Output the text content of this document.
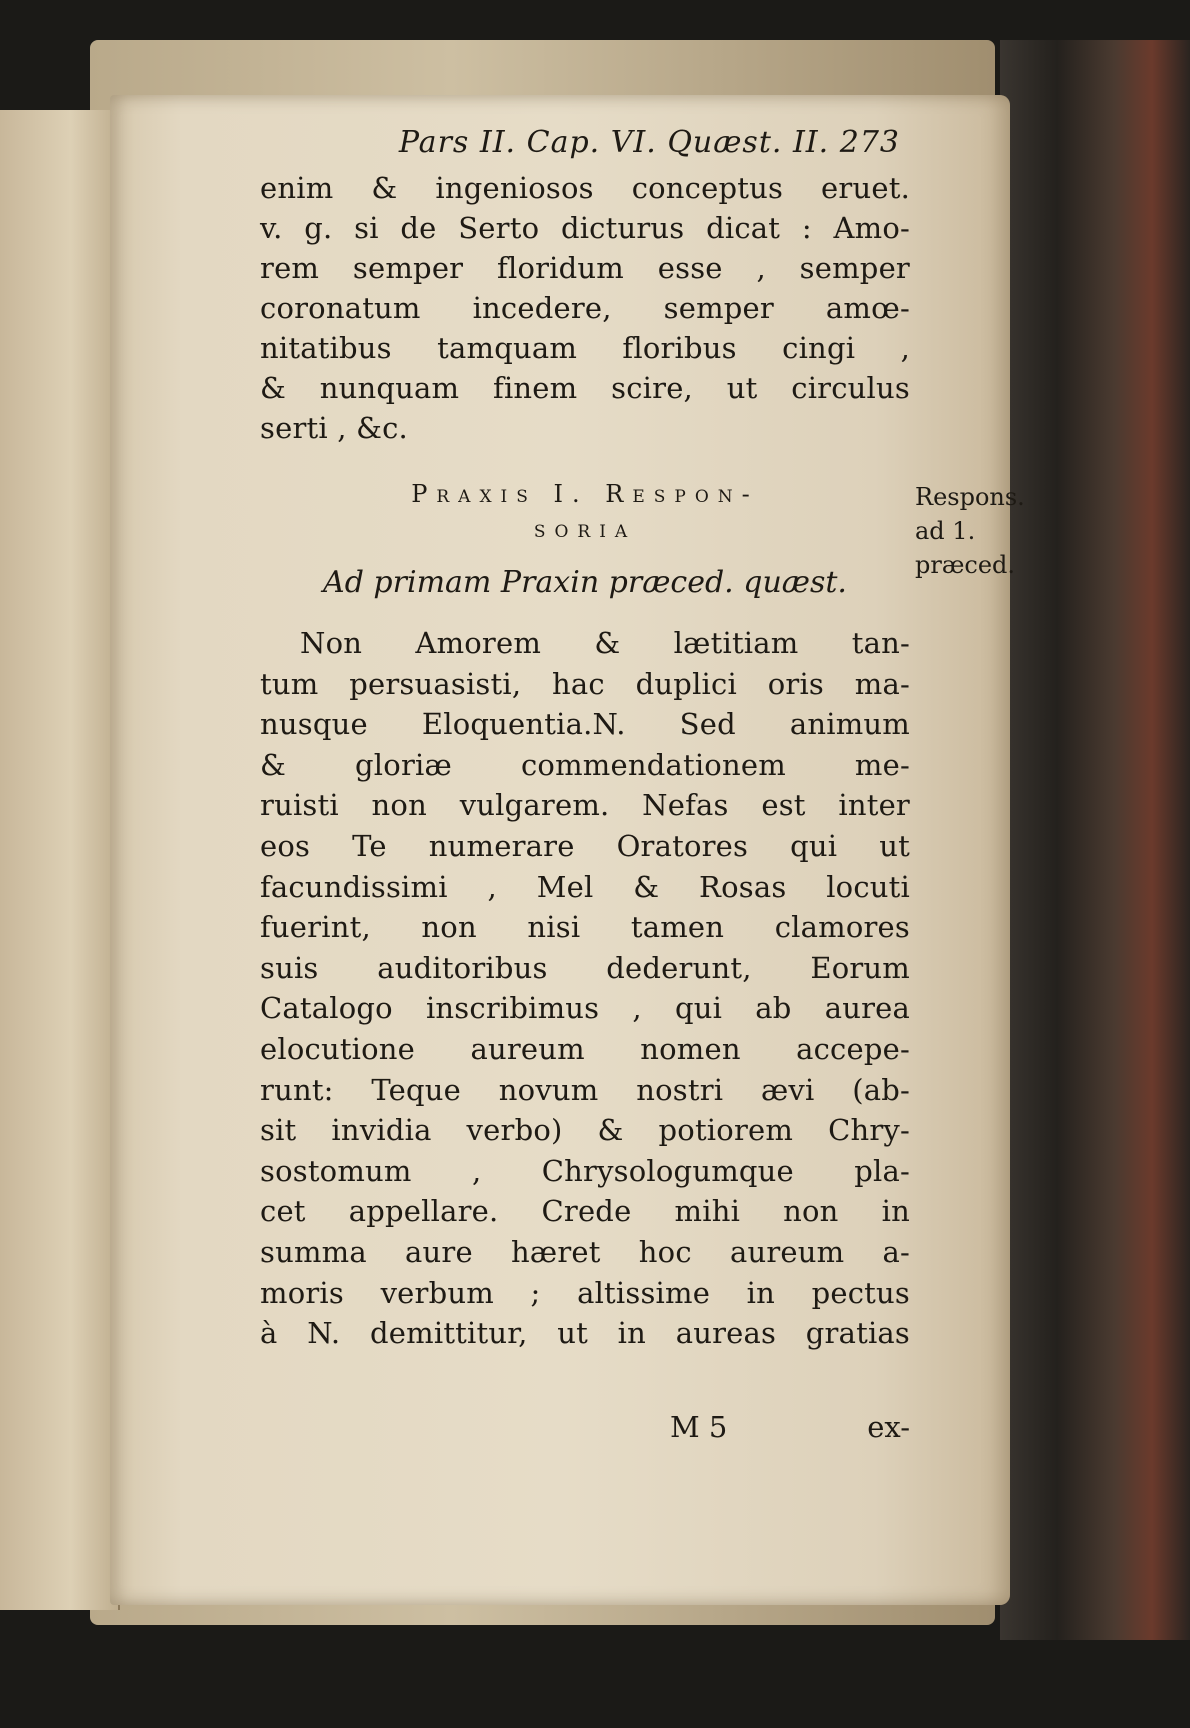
Pars II. Cap. VI. Quæst. II. 273
enim & ingeniosos conceptus eruet.
v. g. si de Serto dicturus dicat : Amo-
rem semper floridum esse , semper
coronatum incedere, semper amœ-
nitatibus tamquam floribus cingi ,
& nunquam finem scire, ut circulus
serti , &c.
Praxis I. Respon-
soria
Ad primam Praxin præced. quæst.
Non Amorem & lætitiam tan-
tum persuasisti, hac duplici oris ma-
nusque Eloquentia.N. Sed animum
& gloriæ commendationem me-
ruisti non vulgarem. Nefas est inter
eos Te numerare Oratores qui ut
facundissimi , Mel & Rosas locuti
fuerint, non nisi tamen clamores
suis auditoribus dederunt, Eorum
Catalogo inscribimus , qui ab aurea
elocutione aureum nomen accepe-
runt: Teque novum nostri ævi (ab-
sit invidia verbo) & potiorem Chry-
sostomum , Chrysologumque pla-
cet appellare. Crede mihi non in
summa aure hæret hoc aureum a-
moris verbum ; altissime in pectus
à N. demittitur, ut in aureas gratias
M 5	ex-
Respons.
ad 1.
præced.
